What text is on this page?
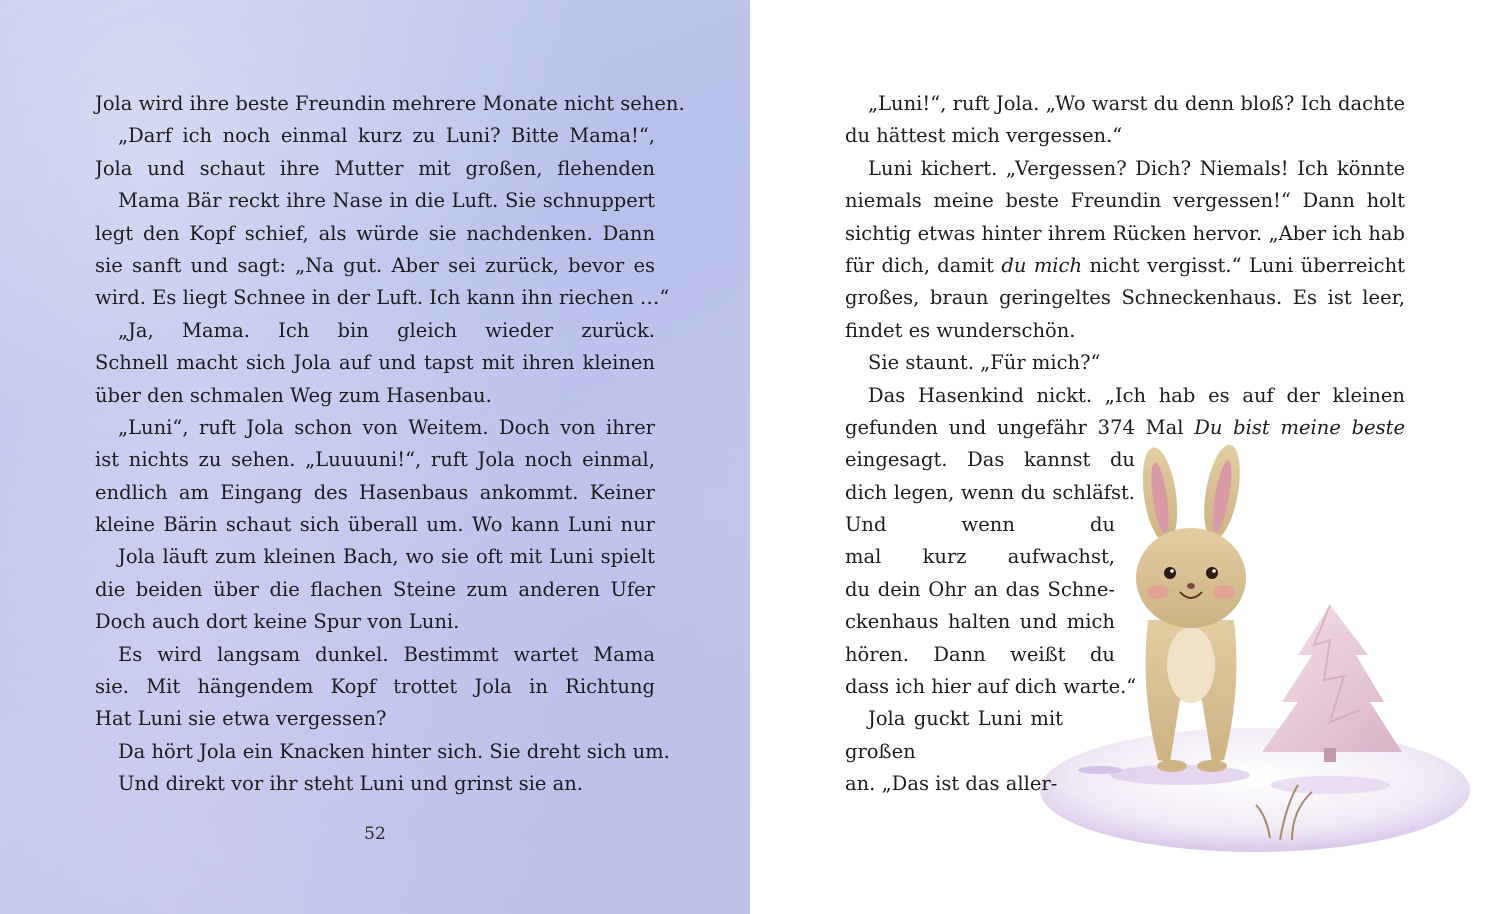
Jola wird ihre beste Freundin mehrere Monate nicht sehen.
„Darf ich noch einmal kurz zu Luni? Bitte Mama!“,
Jola und schaut ihre Mutter mit großen, flehenden
Mama Bär reckt ihre Nase in die Luft. Sie schnuppert
legt den Kopf schief, als würde sie nachdenken. Dann
sie sanft und sagt: „Na gut. Aber sei zurück, bevor es
wird. Es liegt Schnee in der Luft. Ich kann ihn riechen …“
„Ja, Mama. Ich bin gleich wieder zurück.
Schnell macht sich Jola auf und tapst mit ihren kleinen
über den schmalen Weg zum Hasenbau.
„Luni“, ruft Jola schon von Weitem. Doch von ihrer
ist nichts zu sehen. „Luuuuni!“, ruft Jola noch einmal,
endlich am Eingang des Hasenbaus ankommt. Keiner
kleine Bärin schaut sich überall um. Wo kann Luni nur
Jola läuft zum kleinen Bach, wo sie oft mit Luni spielt
die beiden über die flachen Steine zum anderen Ufer
Doch auch dort keine Spur von Luni.
Es wird langsam dunkel. Bestimmt wartet Mama
sie. Mit hängendem Kopf trottet Jola in Richtung
Hat Luni sie etwa vergessen?
Da hört Jola ein Knacken hinter sich. Sie dreht sich um.
Und direkt vor ihr steht Luni und grinst sie an.
52
„Luni!“, ruft Jola. „Wo warst du denn bloß? Ich dachte
du hättest mich vergessen.“
Luni kichert. „Vergessen? Dich? Niemals! Ich könnte
niemals meine beste Freundin vergessen!“ Dann holt
sichtig etwas hinter ihrem Rücken hervor. „Aber ich hab
für dich, damit du mich nicht vergisst.“ Luni überreicht
großes, braun geringeltes Schneckenhaus. Es ist leer,
findet es wunderschön.
Sie staunt. „Für mich?“
Das Hasenkind nickt. „Ich hab es auf der kleinen
gefunden und ungefähr 374 Mal Du bist meine beste
eingesagt. Das kannst du
dich legen, wenn du schläfst.
Und wenn du
mal kurz aufwachst,
du dein Ohr an das Schne-
ckenhaus halten und mich
hören. Dann weißt du
dass ich hier auf dich warte.“
Jola guckt Luni mit
großen
an. „Das ist das aller-
